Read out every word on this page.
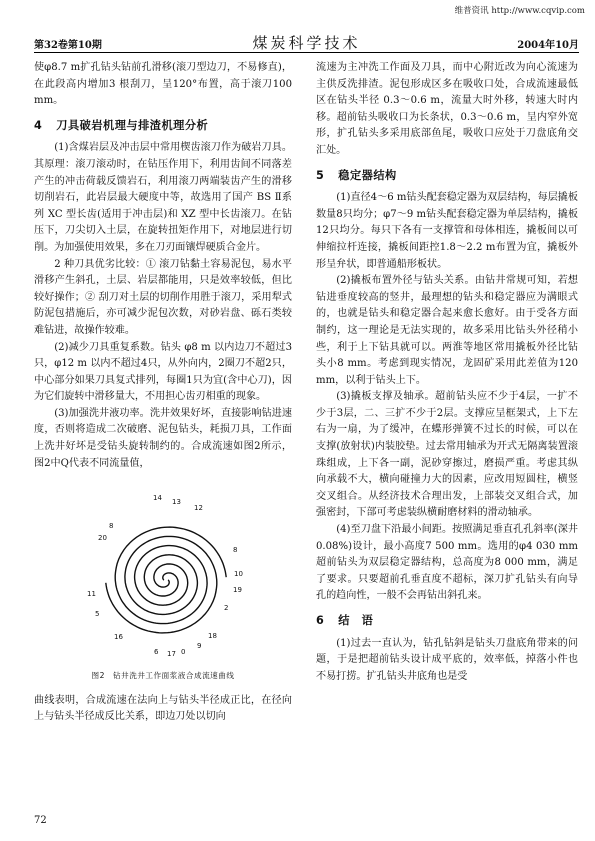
维普资讯 http://www.cqvip.com
第32卷第10期	煤炭科学技术	2004年10月

使φ8.7 m扩孔钻头钻前孔滑移(滚刀型边刀，不易修直)，在此段高内增加3 根刮刀，呈120°布置，高于滚刀100 mm。

4 刀具破岩机理与排渣机理分析

(1)含煤岩层及冲击层中常用楔齿滚刀作为破岩刀具。其原理：滚刀滚动时，在钻压作用下，利用齿间不同落差产生的冲击荷载反馈岩石，利用滚刀两端装齿产生的滑移切削岩石，此岩层最大硬度中等，故选用了国产 BS Ⅱ系列 XC 型长齿(适用于冲击层)和 XZ 型中长齿滚刀。在钻压下，刀尖切入土层，在旋转扭矩作用下，对地层进行切削。为加强使用效果，多在刀刃面镶焊硬质合金片。

2 种刀具优劣比较：① 滚刀钻黏土容易泥包，易水平滑移产生斜孔，土层、岩层都能用，只是效率较低，但比较好操作；② 刮刀对土层的切削作用胜于滚刀，采用犁式防泥包措施后，亦可减少泥包次数，对砂岩盘、砾石类较难钻进，故操作较难。

(2)减少刀具重复系数。钻头 φ8 m 以内边刀不超过3只，φ12 m 以内不超过4只，从外向内，2圈刀不超2只，中心部分如果刀具复式排列，每圈1只为宜(含中心刀)，因为它们旋转中滑移量大，不用担心齿刃相重的现象。

(3)加强洗井液功率。洗井效果好坏，直接影响钻进速度，否则将造成二次破磨、泥包钻头，耗损刀具，工作面上洗井好坏是受钻头旋转制约的。合成流速如图2所示，图2中Q代表不同流量值，

14 13
12
8
10
19
2
6 17 0
9
18
16
5
11
20
8
图2　钻井洗井工作面浆液合成流速曲线

曲线表明，合成流速在法向上与钻头半径成正比，在径向上与钻头半径成反比关系，即边刀处以切向

流速为主冲洗工作面及刀具，而中心附近改为向心流速为主供反洗排渣。泥包形成区多在吸收口处，合成流速最低区在钻头半径 0.3～0.6 m，流量大时外移，转速大时内移。超前钻头吸收口为长条状，0.3～0.6 m，呈内窄外宽形，扩孔钻头多采用底部鱼尾，吸收口应处于刀盘底角交汇处。

5 稳定器结构

(1)直径4～6 m钻头配套稳定器为双层结构，每层撬板数量8只均分；φ7～9 m钻头配套稳定器为单层结构，撬板12只均分。每只下各有一支撑管和母体相连，撬板间以可伸缩拉杆连接，撬板间距控1.8～2.2 m布置为宜，撬板外形呈弁状，即普通船形板状。

(2)撬板布置外径与钻头关系。由钻井常规可知，若想钻进垂度较高的竖井，最理想的钻头和稳定器应为满眼式的，也就是钻头和稳定器合起来愈长愈好。由于受各方面制约，这一理论是无法实现的，故多采用比钻头外径稍小些，利于上下钻具就可以。两淮等地区常用撬板外径比钻头小8 mm。考虑到现实情况，龙固矿采用此差值为120 mm，以利于钻头上下。

(3)撬板支撑及轴承。超前钻头应不少于4层，一扩不少于3层，二、三扩不少于2层。支撑应呈框架式，上下左右为一扇，为了缓冲，在蝶形弹簧不过长的时候，可以在支撑(放射状)内装胶垫。过去常用轴承为开式无隔离装置滚珠组成，上下各一副，泥砂穿擦过，磨损严重。考虑其纵向承载不大，横向碰撞力大的因素，应改用短圆柱，横竖交叉组合。从经济技术合理出发，上部装交叉组合式，加强密封，下部可考虑装纵横耐磨材料的滑动轴承。

(4)至刀盘下沿最小间距。按照满足垂直孔孔斜率(深井0.08%)设计，最小高度7 500 mm。选用的φ4 030 mm超前钻头为双层稳定器结构，总高度为8 000 mm，满足了要求。只要超前孔垂直度不超标，深刀扩孔钻头有向导孔的趋向性，一般不会再钻出斜孔来。

6 结　语

(1)过去一直认为，钻孔钻斜是钻头刀盘底角带来的问题，于是把超前钻头设计成平底的，效率低，掉落小件也不易打捞。扩孔钻头井底角也是受

72
